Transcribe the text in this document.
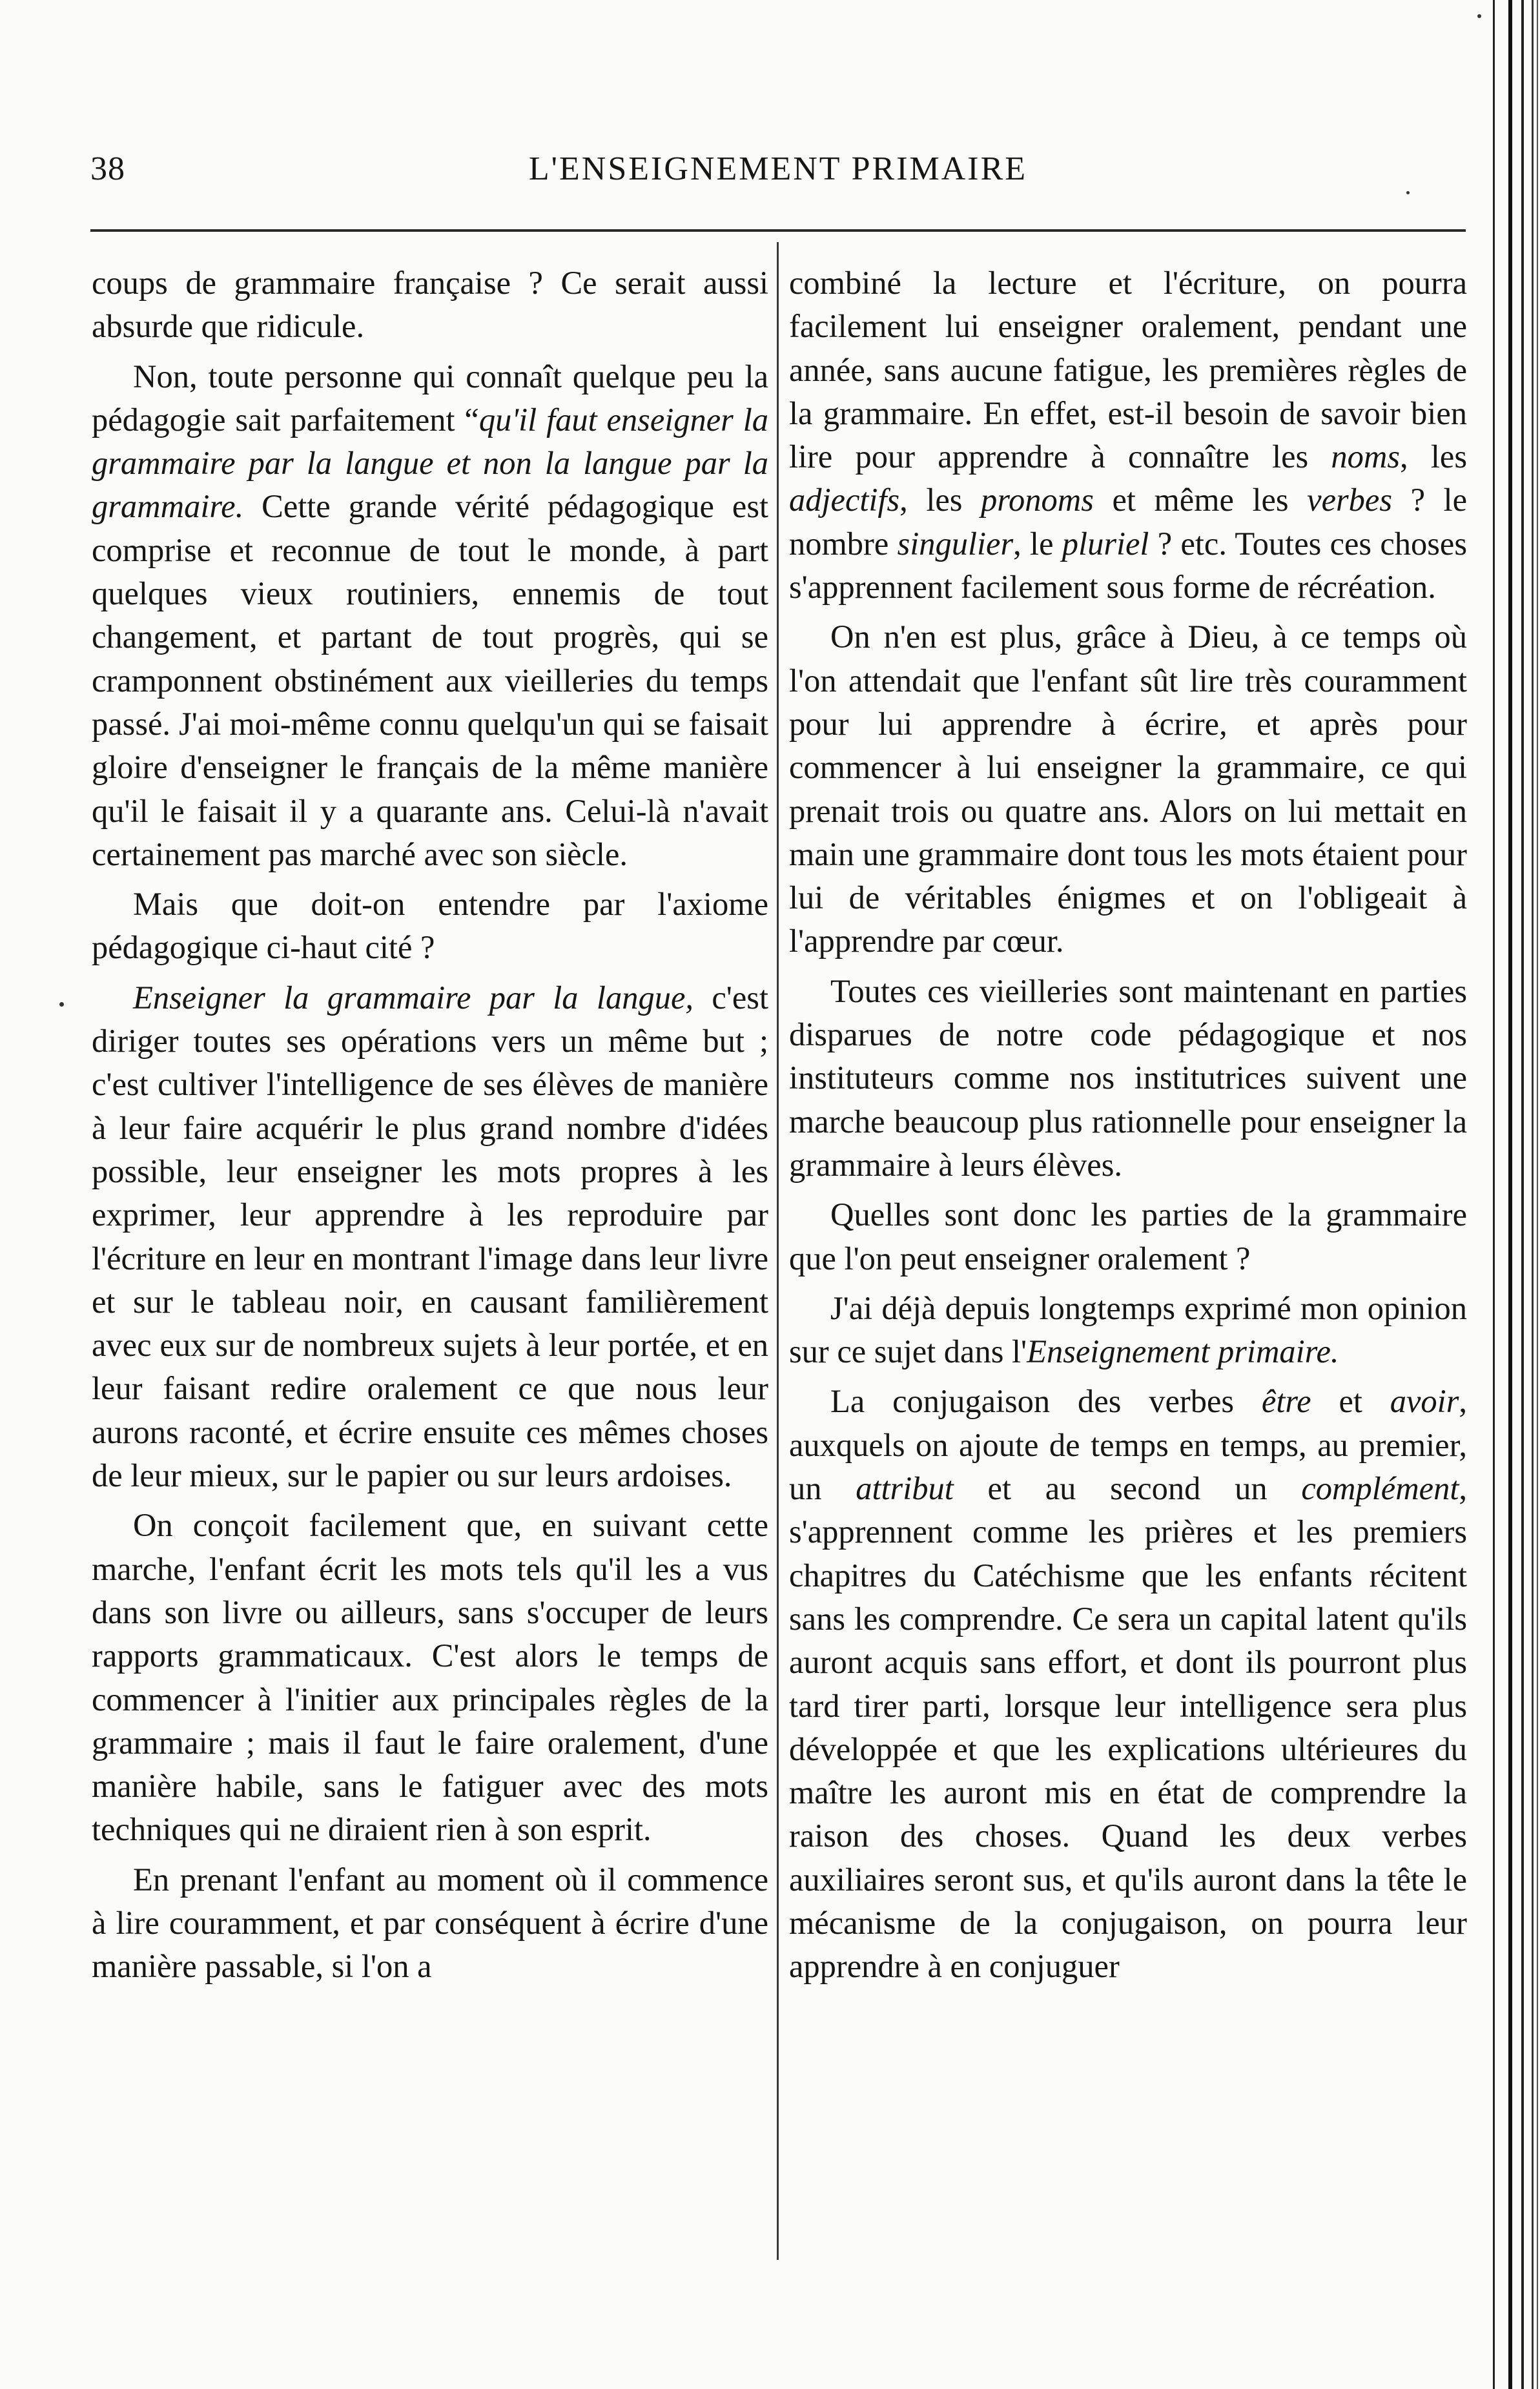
38	L'ENSEIGNEMENT PRIMAIRE

coups de grammaire française ? Ce serait aussi absurde que ridicule.

Non, toute personne qui connaît quelque peu la pédagogie sait parfaitement “qu'il faut enseigner la grammaire par la langue et non la langue par la grammaire. Cette grande vérité pédagogique est comprise et reconnue de tout le monde, à part quelques vieux routiniers, ennemis de tout changement, et partant de tout progrès, qui se cramponnent obstinément aux vieilleries du temps passé. J'ai moi-même connu quelqu'un qui se faisait gloire d'enseigner le français de la même manière qu'il le faisait il y a quarante ans. Celui-là n'avait certainement pas marché avec son siècle.

Mais que doit-on entendre par l'axiome pédagogique ci-haut cité ?

Enseigner la grammaire par la langue, c'est diriger toutes ses opérations vers un même but ; c'est cultiver l'intelligence de ses élèves de manière à leur faire acquérir le plus grand nombre d'idées possible, leur enseigner les mots propres à les exprimer, leur apprendre à les reproduire par l'écriture en leur en montrant l'image dans leur livre et sur le tableau noir, en causant familièrement avec eux sur de nombreux sujets à leur portée, et en leur faisant redire oralement ce que nous leur aurons raconté, et écrire ensuite ces mêmes choses de leur mieux, sur le papier ou sur leurs ardoises.

On conçoit facilement que, en suivant cette marche, l'enfant écrit les mots tels qu'il les a vus dans son livre ou ailleurs, sans s'occuper de leurs rapports grammaticaux. C'est alors le temps de commencer à l'initier aux principales règles de la grammaire ; mais il faut le faire oralement, d'une manière habile, sans le fatiguer avec des mots techniques qui ne diraient rien à son esprit.

En prenant l'enfant au moment où il commence à lire couramment, et par conséquent à écrire d'une manière passable, si l'on a

combiné la lecture et l'écriture, on pourra facilement lui enseigner oralement, pendant une année, sans aucune fatigue, les premières règles de la grammaire. En effet, est-il besoin de savoir bien lire pour apprendre à connaître les noms, les adjectifs, les pronoms et même les verbes ? le nombre singulier, le pluriel ? etc. Toutes ces choses s'apprennent facilement sous forme de récréation.

On n'en est plus, grâce à Dieu, à ce temps où l'on attendait que l'enfant sût lire très couramment pour lui apprendre à écrire, et après pour commencer à lui enseigner la grammaire, ce qui prenait trois ou quatre ans. Alors on lui mettait en main une grammaire dont tous les mots étaient pour lui de véritables énigmes et on l'obligeait à l'apprendre par cœur.

Toutes ces vieilleries sont maintenant en parties disparues de notre code pédagogique et nos instituteurs comme nos institutrices suivent une marche beaucoup plus rationnelle pour enseigner la grammaire à leurs élèves.

Quelles sont donc les parties de la grammaire que l'on peut enseigner oralement ?

J'ai déjà depuis longtemps exprimé mon opinion sur ce sujet dans l'Enseignement primaire.

La conjugaison des verbes être et avoir, auxquels on ajoute de temps en temps, au premier, un attribut et au second un complément, s'apprennent comme les prières et les premiers chapitres du Catéchisme que les enfants récitent sans les comprendre. Ce sera un capital latent qu'ils auront acquis sans effort, et dont ils pourront plus tard tirer parti, lorsque leur intelligence sera plus développée et que les explications ultérieures du maître les auront mis en état de comprendre la raison des choses. Quand les deux verbes auxiliaires seront sus, et qu'ils auront dans la tête le mécanisme de la conjugaison, on pourra leur apprendre à en conjuguer
